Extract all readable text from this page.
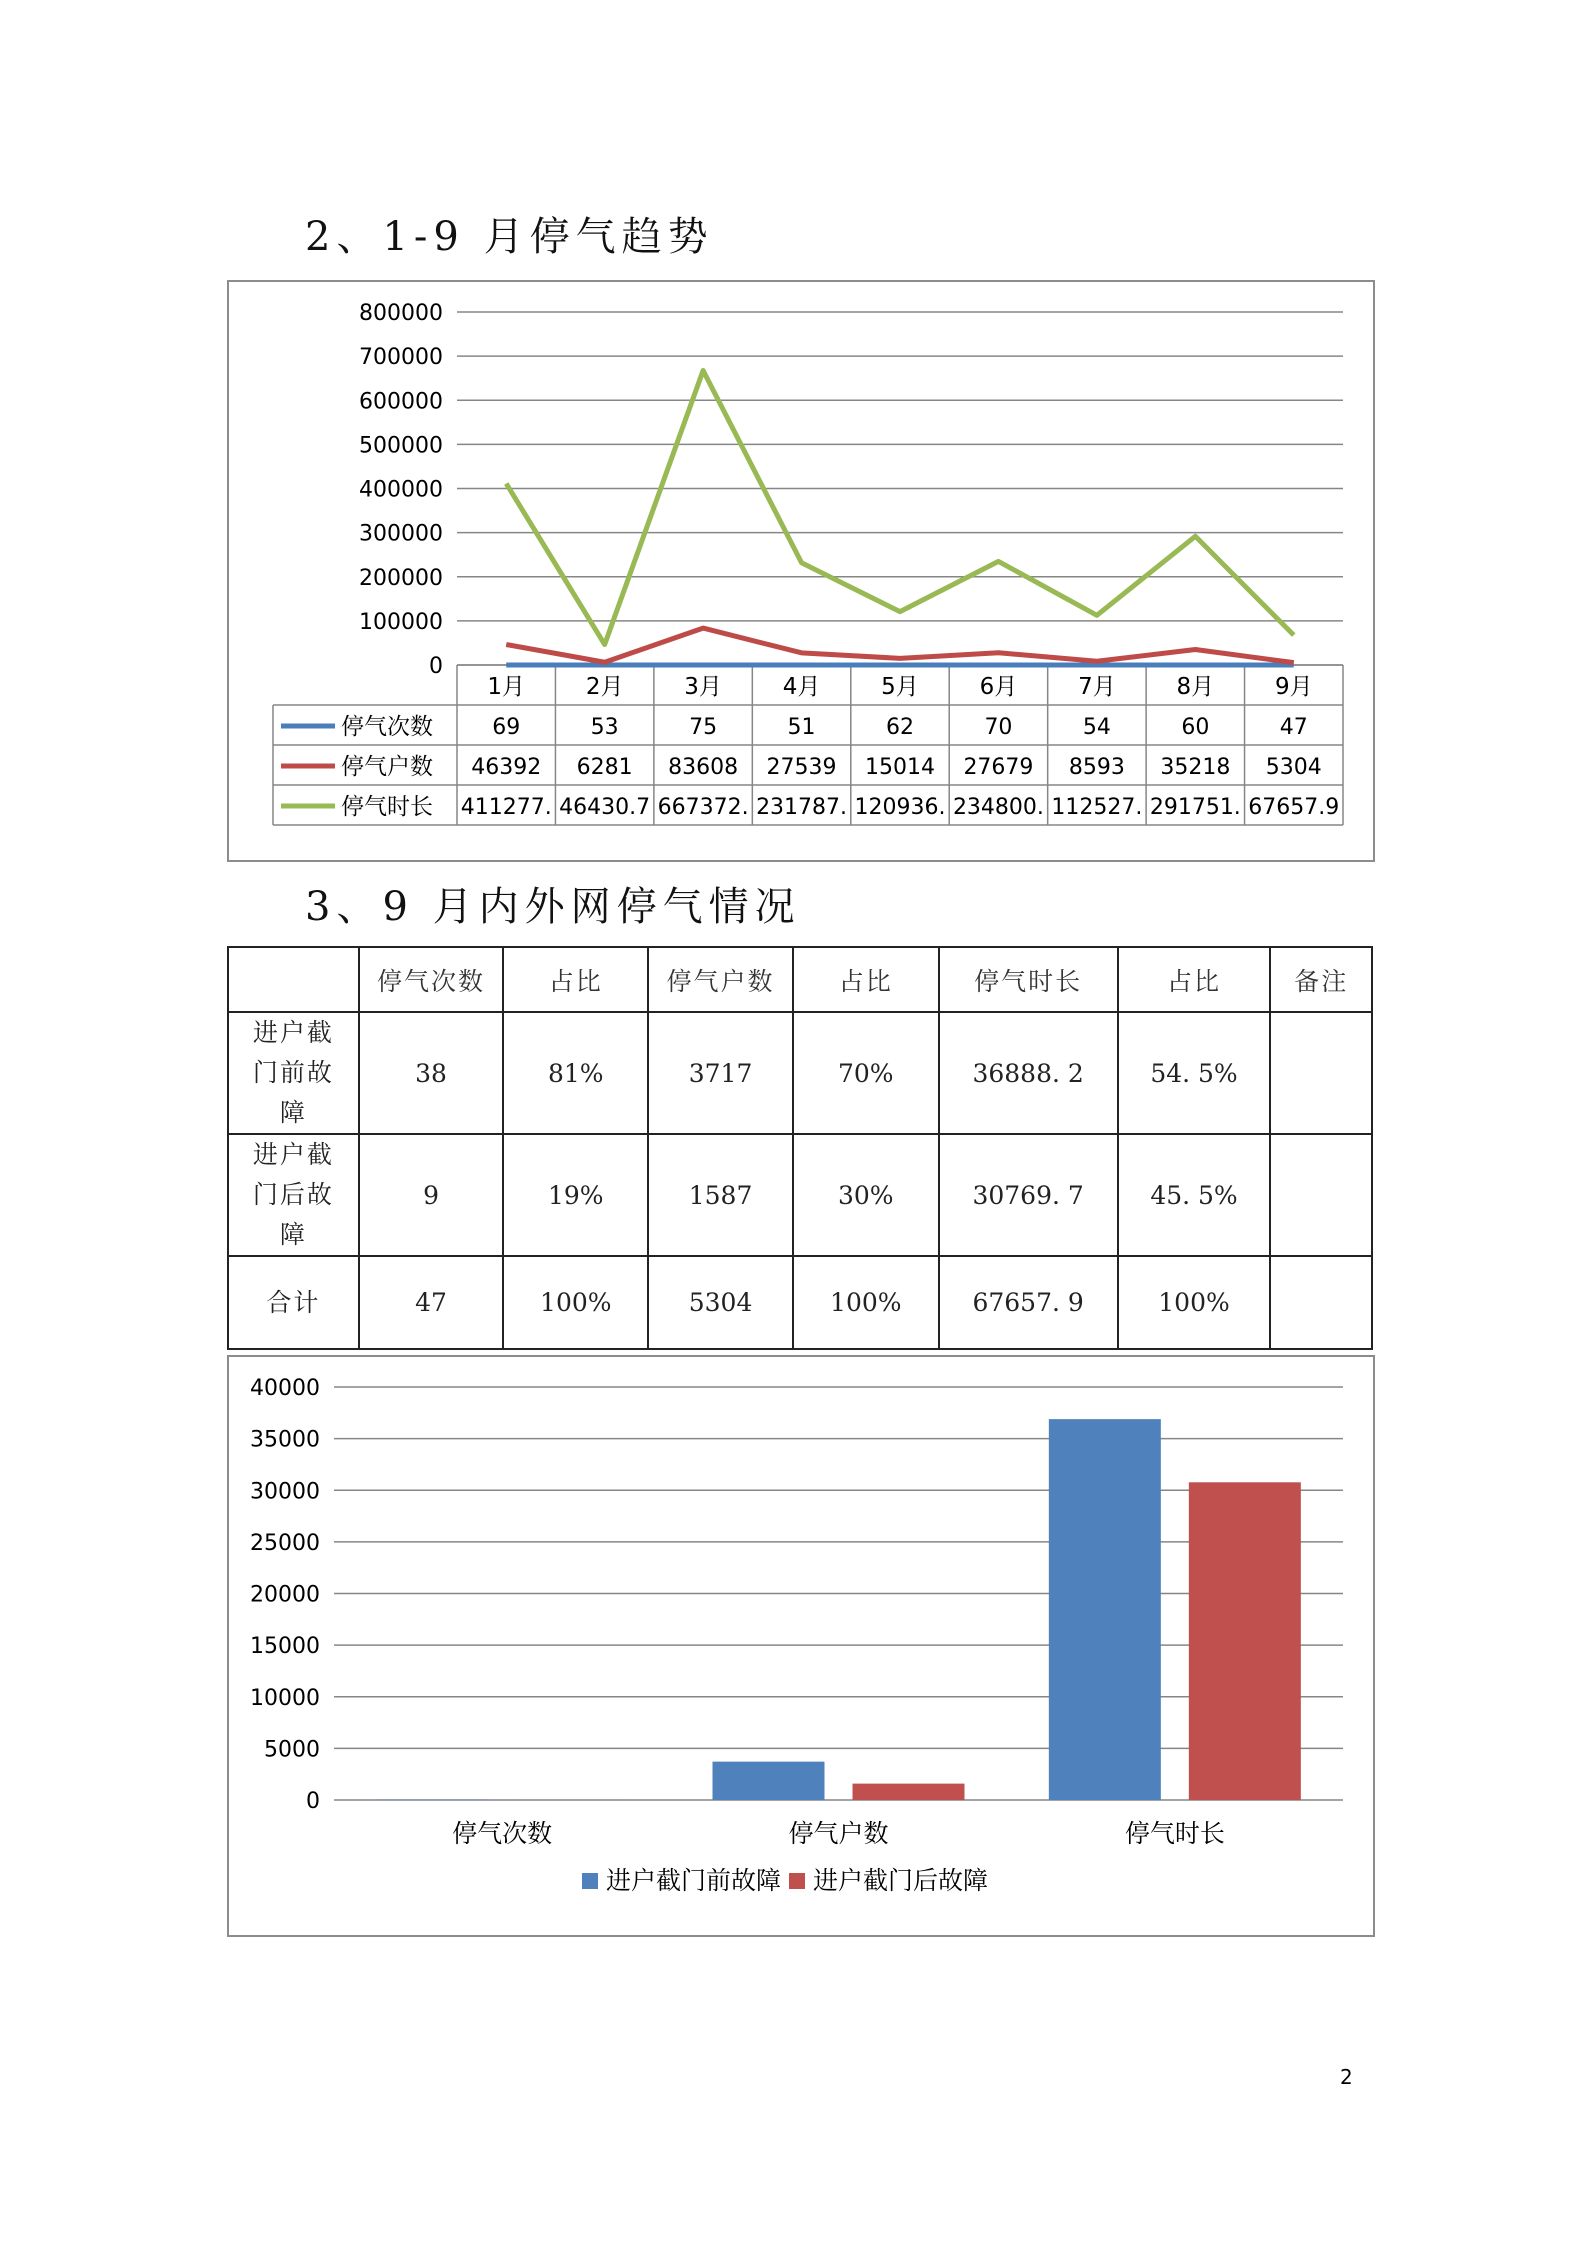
2、1-9 月停气趋势
800000
700000
600000
500000
400000
300000
200000
100000
0
1月	2月	3月	4月	5月	6月	7月	8月	9月
停气次数	69	53	75	51	62	70	54	60	47
停气户数 46392 6281 83608 27539 15014 27679 8593 35218 5304
停气时长 411277. 46430.7 667372. 231787. 120936. 234800. 112527. 291751. 67657.9
3、9 月内外网停气情况
	停气次数	占比	停气户数	占比	停气时长	占比	备注

进户截
门前故
障	38	81%	3717	70%	36888. 2	54. 5%	

进户截
门后故
障	9	19%	1587	30%	30769. 7	45. 5%	

合计	47	100%	5304	100%	67657. 9	100%	
40000
35000
30000
25000
20000
15000
10000
5000
0
停气次数	停气户数	停气时长
进户截门前故障 进户截门后故障
2
